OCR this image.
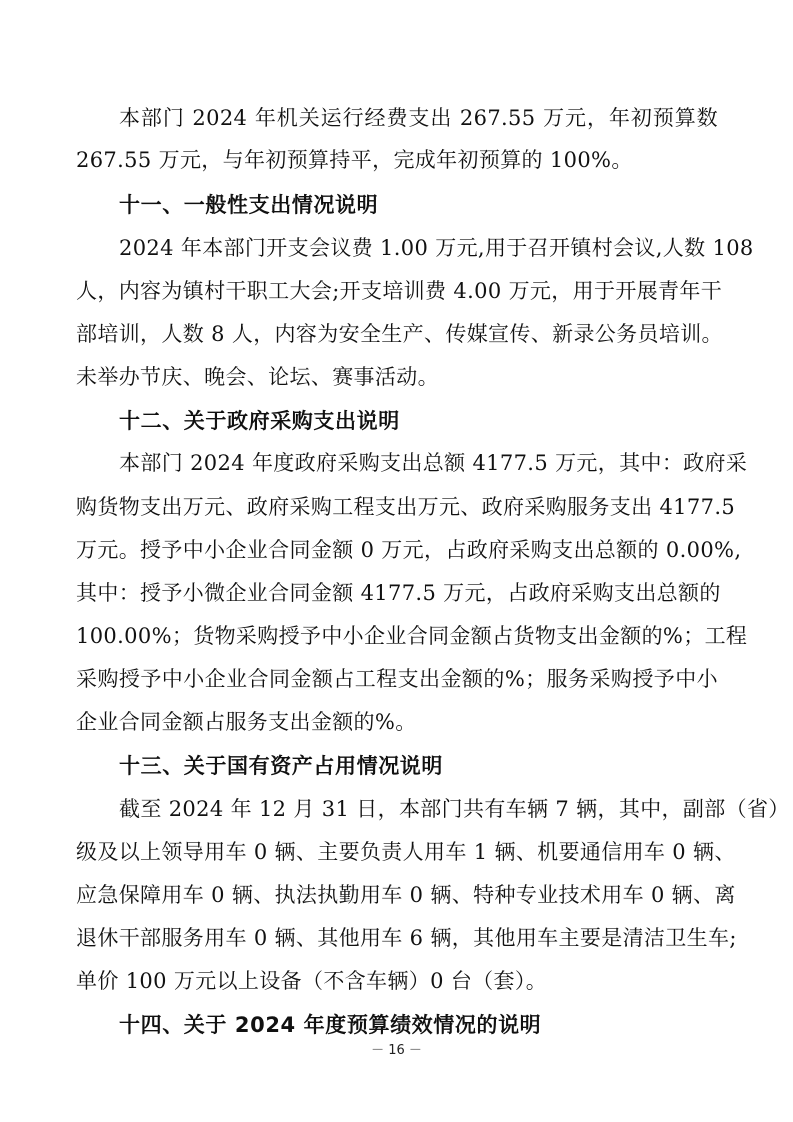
本部门 2024 年机关运行经费支出 267.55 万元，年初预算数
267.55 万元，与年初预算持平，完成年初预算的 100%。
十一、一般性支出情况说明
2024 年本部门开支会议费 1.00 万元,用于召开镇村会议,人数 108
人，内容为镇村干职工大会;开支培训费 4.00 万元，用于开展青年干
部培训，人数 8 人，内容为安全生产、传媒宣传、新录公务员培训。
未举办节庆、晚会、论坛、赛事活动。
十二、关于政府采购支出说明
本部门 2024 年度政府采购支出总额 4177.5 万元，其中：政府采
购货物支出万元、政府采购工程支出万元、政府采购服务支出 4177.5
万元。授予中小企业合同金额 0 万元，占政府采购支出总额的 0.00%,
其中：授予小微企业合同金额 4177.5 万元，占政府采购支出总额的
100.00%；货物采购授予中小企业合同金额占货物支出金额的%；工程
采购授予中小企业合同金额占工程支出金额的%；服务采购授予中小
企业合同金额占服务支出金额的%。
十三、关于国有资产占用情况说明
截至 2024 年 12 月 31 日，本部门共有车辆 7 辆，其中，副部（省）
级及以上领导用车 0 辆、主要负责人用车 1 辆、机要通信用车 0 辆、
应急保障用车 0 辆、执法执勤用车 0 辆、特种专业技术用车 0 辆、离
退休干部服务用车 0 辆、其他用车 6 辆，其他用车主要是清洁卫生车;
单价 100 万元以上设备（不含车辆）0 台（套）。
十四、关于 2024 年度预算绩效情况的说明
－ 16 －
